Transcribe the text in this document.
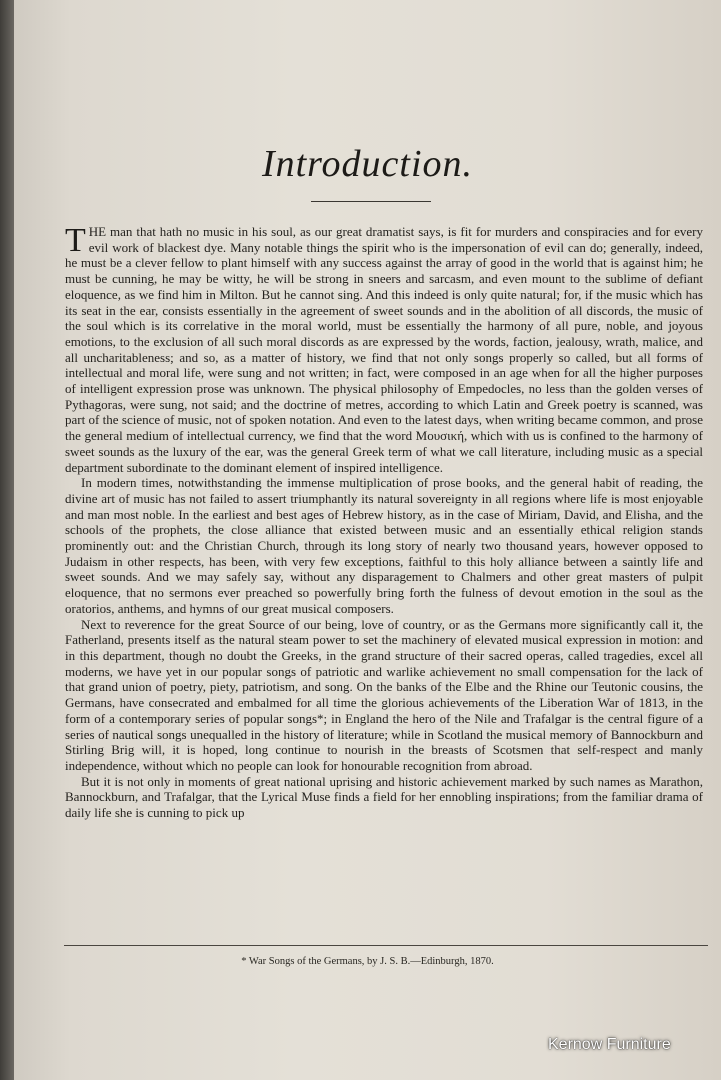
Introduction.

THE man that hath no music in his soul, as our great dramatist says, is fit for murders and conspiracies and for every evil work of blackest dye. Many notable things the spirit who is the impersonation of evil can do; generally, indeed, he must be a clever fellow to plant himself with any success against the array of good in the world that is against him; he must be cunning, he may be witty, he will be strong in sneers and sarcasm, and even mount to the sublime of defiant eloquence, as we find him in Milton. But he cannot sing. And this indeed is only quite natural; for, if the music which has its seat in the ear, consists essentially in the agreement of sweet sounds and in the abolition of all discords, the music of the soul which is its correlative in the moral world, must be essentially the harmony of all pure, noble, and joyous emotions, to the exclusion of all such moral discords as are expressed by the words, faction, jealousy, wrath, malice, and all uncharitableness; and so, as a matter of history, we find that not only songs properly so called, but all forms of intellectual and moral life, were sung and not written; in fact, were composed in an age when for all the higher purposes of intelligent expression prose was unknown. The physical philosophy of Empedocles, no less than the golden verses of Pythagoras, were sung, not said; and the doctrine of metres, according to which Latin and Greek poetry is scanned, was part of the science of music, not of spoken notation. And even to the latest days, when writing became common, and prose the general medium of intellectual currency, we find that the word Μουσική, which with us is confined to the harmony of sweet sounds as the luxury of the ear, was the general Greek term of what we call literature, including music as a special department subordinate to the dominant element of inspired intelligence.

In modern times, notwithstanding the immense multiplication of prose books, and the general habit of reading, the divine art of music has not failed to assert triumphantly its natural sovereignty in all regions where life is most enjoyable and man most noble. In the earliest and best ages of Hebrew history, as in the case of Miriam, David, and Elisha, and the schools of the prophets, the close alliance that existed between music and an essentially ethical religion stands prominently out: and the Christian Church, through its long story of nearly two thousand years, however opposed to Judaism in other respects, has been, with very few exceptions, faithful to this holy alliance between a saintly life and sweet sounds. And we may safely say, without any disparagement to Chalmers and other great masters of pulpit eloquence, that no sermons ever preached so powerfully bring forth the fulness of devout emotion in the soul as the oratorios, anthems, and hymns of our great musical composers.

Next to reverence for the great Source of our being, love of country, or as the Germans more significantly call it, the Fatherland, presents itself as the natural steam power to set the machinery of elevated musical expression in motion: and in this department, though no doubt the Greeks, in the grand structure of their sacred operas, called tragedies, excel all moderns, we have yet in our popular songs of patriotic and warlike achievement no small compensation for the lack of that grand union of poetry, piety, patriotism, and song. On the banks of the Elbe and the Rhine our Teutonic cousins, the Germans, have consecrated and embalmed for all time the glorious achievements of the Liberation War of 1813, in the form of a contemporary series of popular songs*; in England the hero of the Nile and Trafalgar is the central figure of a series of nautical songs unequalled in the history of literature; while in Scotland the musical memory of Bannockburn and Stirling Brig will, it is hoped, long continue to nourish in the breasts of Scotsmen that self-respect and manly independence, without which no people can look for honourable recognition from abroad.

But it is not only in moments of great national uprising and historic achievement marked by such names as Marathon, Bannockburn, and Trafalgar, that the Lyrical Muse finds a field for her ennobling inspirations; from the familiar drama of daily life she is cunning to pick up

* War Songs of the Germans, by J. S. B.—Edinburgh, 1870.
Kernow Furniture
